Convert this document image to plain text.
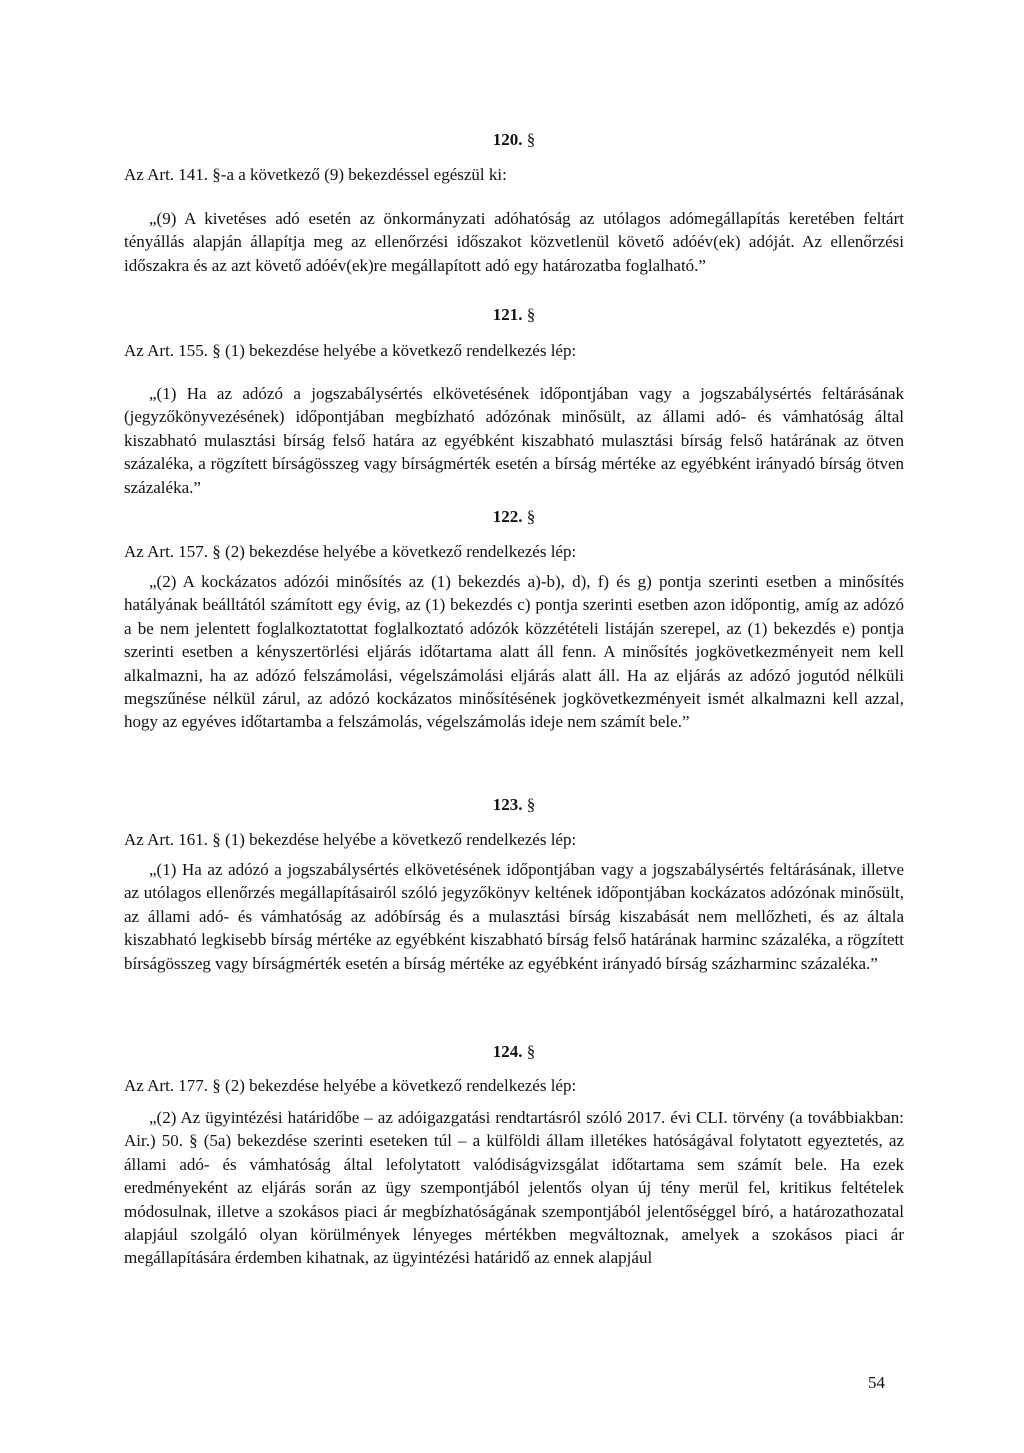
120. §
Az Art. 141. §-a a következő (9) bekezdéssel egészül ki:

„(9) A kivetéses adó esetén az önkormányzati adóhatóság az utólagos adómegállapítás keretében feltárt tényállás alapján állapítja meg az ellenőrzési időszakot közvetlenül követő adóév(ek) adóját. Az ellenőrzési időszakra és az azt követő adóév(ek)re megállapított adó egy határozatba foglalható.”

121. §
Az Art. 155. § (1) bekezdése helyébe a következő rendelkezés lép:

„(1) Ha az adózó a jogszabálysértés elkövetésének időpontjában vagy a jogszabálysértés feltárásának (jegyzőkönyvezésének) időpontjában megbízható adózónak minősült, az állami adó- és vámhatóság által kiszabható mulasztási bírság felső határa az egyébként kiszabható mulasztási bírság felső határának az ötven százaléka, a rögzített bírságösszeg vagy bírságmérték esetén a bírság mértéke az egyébként irányadó bírság ötven százaléka.”

122. §
Az Art. 157. § (2) bekezdése helyébe a következő rendelkezés lép:

„(2) A kockázatos adózói minősítés az (1) bekezdés a)-b), d), f) és g) pontja szerinti esetben a minősítés hatályának beálltától számított egy évig, az (1) bekezdés c) pontja szerinti esetben azon időpontig, amíg az adózó a be nem jelentett foglalkoztatottat foglalkoztató adózók közzétételi listáján szerepel, az (1) bekezdés e) pontja szerinti esetben a kényszertörlési eljárás időtartama alatt áll fenn. A minősítés jogkövetkezményeit nem kell alkalmazni, ha az adózó felszámolási, végelszámolási eljárás alatt áll. Ha az eljárás az adózó jogutód nélküli megszűnése nélkül zárul, az adózó kockázatos minősítésének jogkövetkezményeit ismét alkalmazni kell azzal, hogy az egyéves időtartamba a felszámolás, végelszámolás ideje nem számít bele.”

123. §
Az Art. 161. § (1) bekezdése helyébe a következő rendelkezés lép:

„(1) Ha az adózó a jogszabálysértés elkövetésének időpontjában vagy a jogszabálysértés feltárásának, illetve az utólagos ellenőrzés megállapításairól szóló jegyzőkönyv keltének időpontjában kockázatos adózónak minősült, az állami adó- és vámhatóság az adóbírság és a mulasztási bírság kiszabását nem mellőzheti, és az általa kiszabható legkisebb bírság mértéke az egyébként kiszabható bírság felső határának harminc százaléka, a rögzített bírságösszeg vagy bírságmérték esetén a bírság mértéke az egyébként irányadó bírság százharminc százaléka.”

124. §
Az Art. 177. § (2) bekezdése helyébe a következő rendelkezés lép:

„(2) Az ügyintézési határidőbe – az adóigazgatási rendtartásról szóló 2017. évi CLI. törvény (a továbbiakban: Air.) 50. § (5a) bekezdése szerinti eseteken túl – a külföldi állam illetékes hatóságával folytatott egyeztetés, az állami adó- és vámhatóság által lefolytatott valódiságvizsgálat időtartama sem számít bele. Ha ezek eredményeként az eljárás során az ügy szempontjából jelentős olyan új tény merül fel, kritikus feltételek módosulnak, illetve a szokásos piaci ár megbízhatóságának szempontjából jelentőséggel bíró, a határozathozatal alapjául szolgáló olyan körülmények lényeges mértékben megváltoznak, amelyek a szokásos piaci ár megállapítására érdemben kihatnak, az ügyintézési határidő az ennek alapjául

54
